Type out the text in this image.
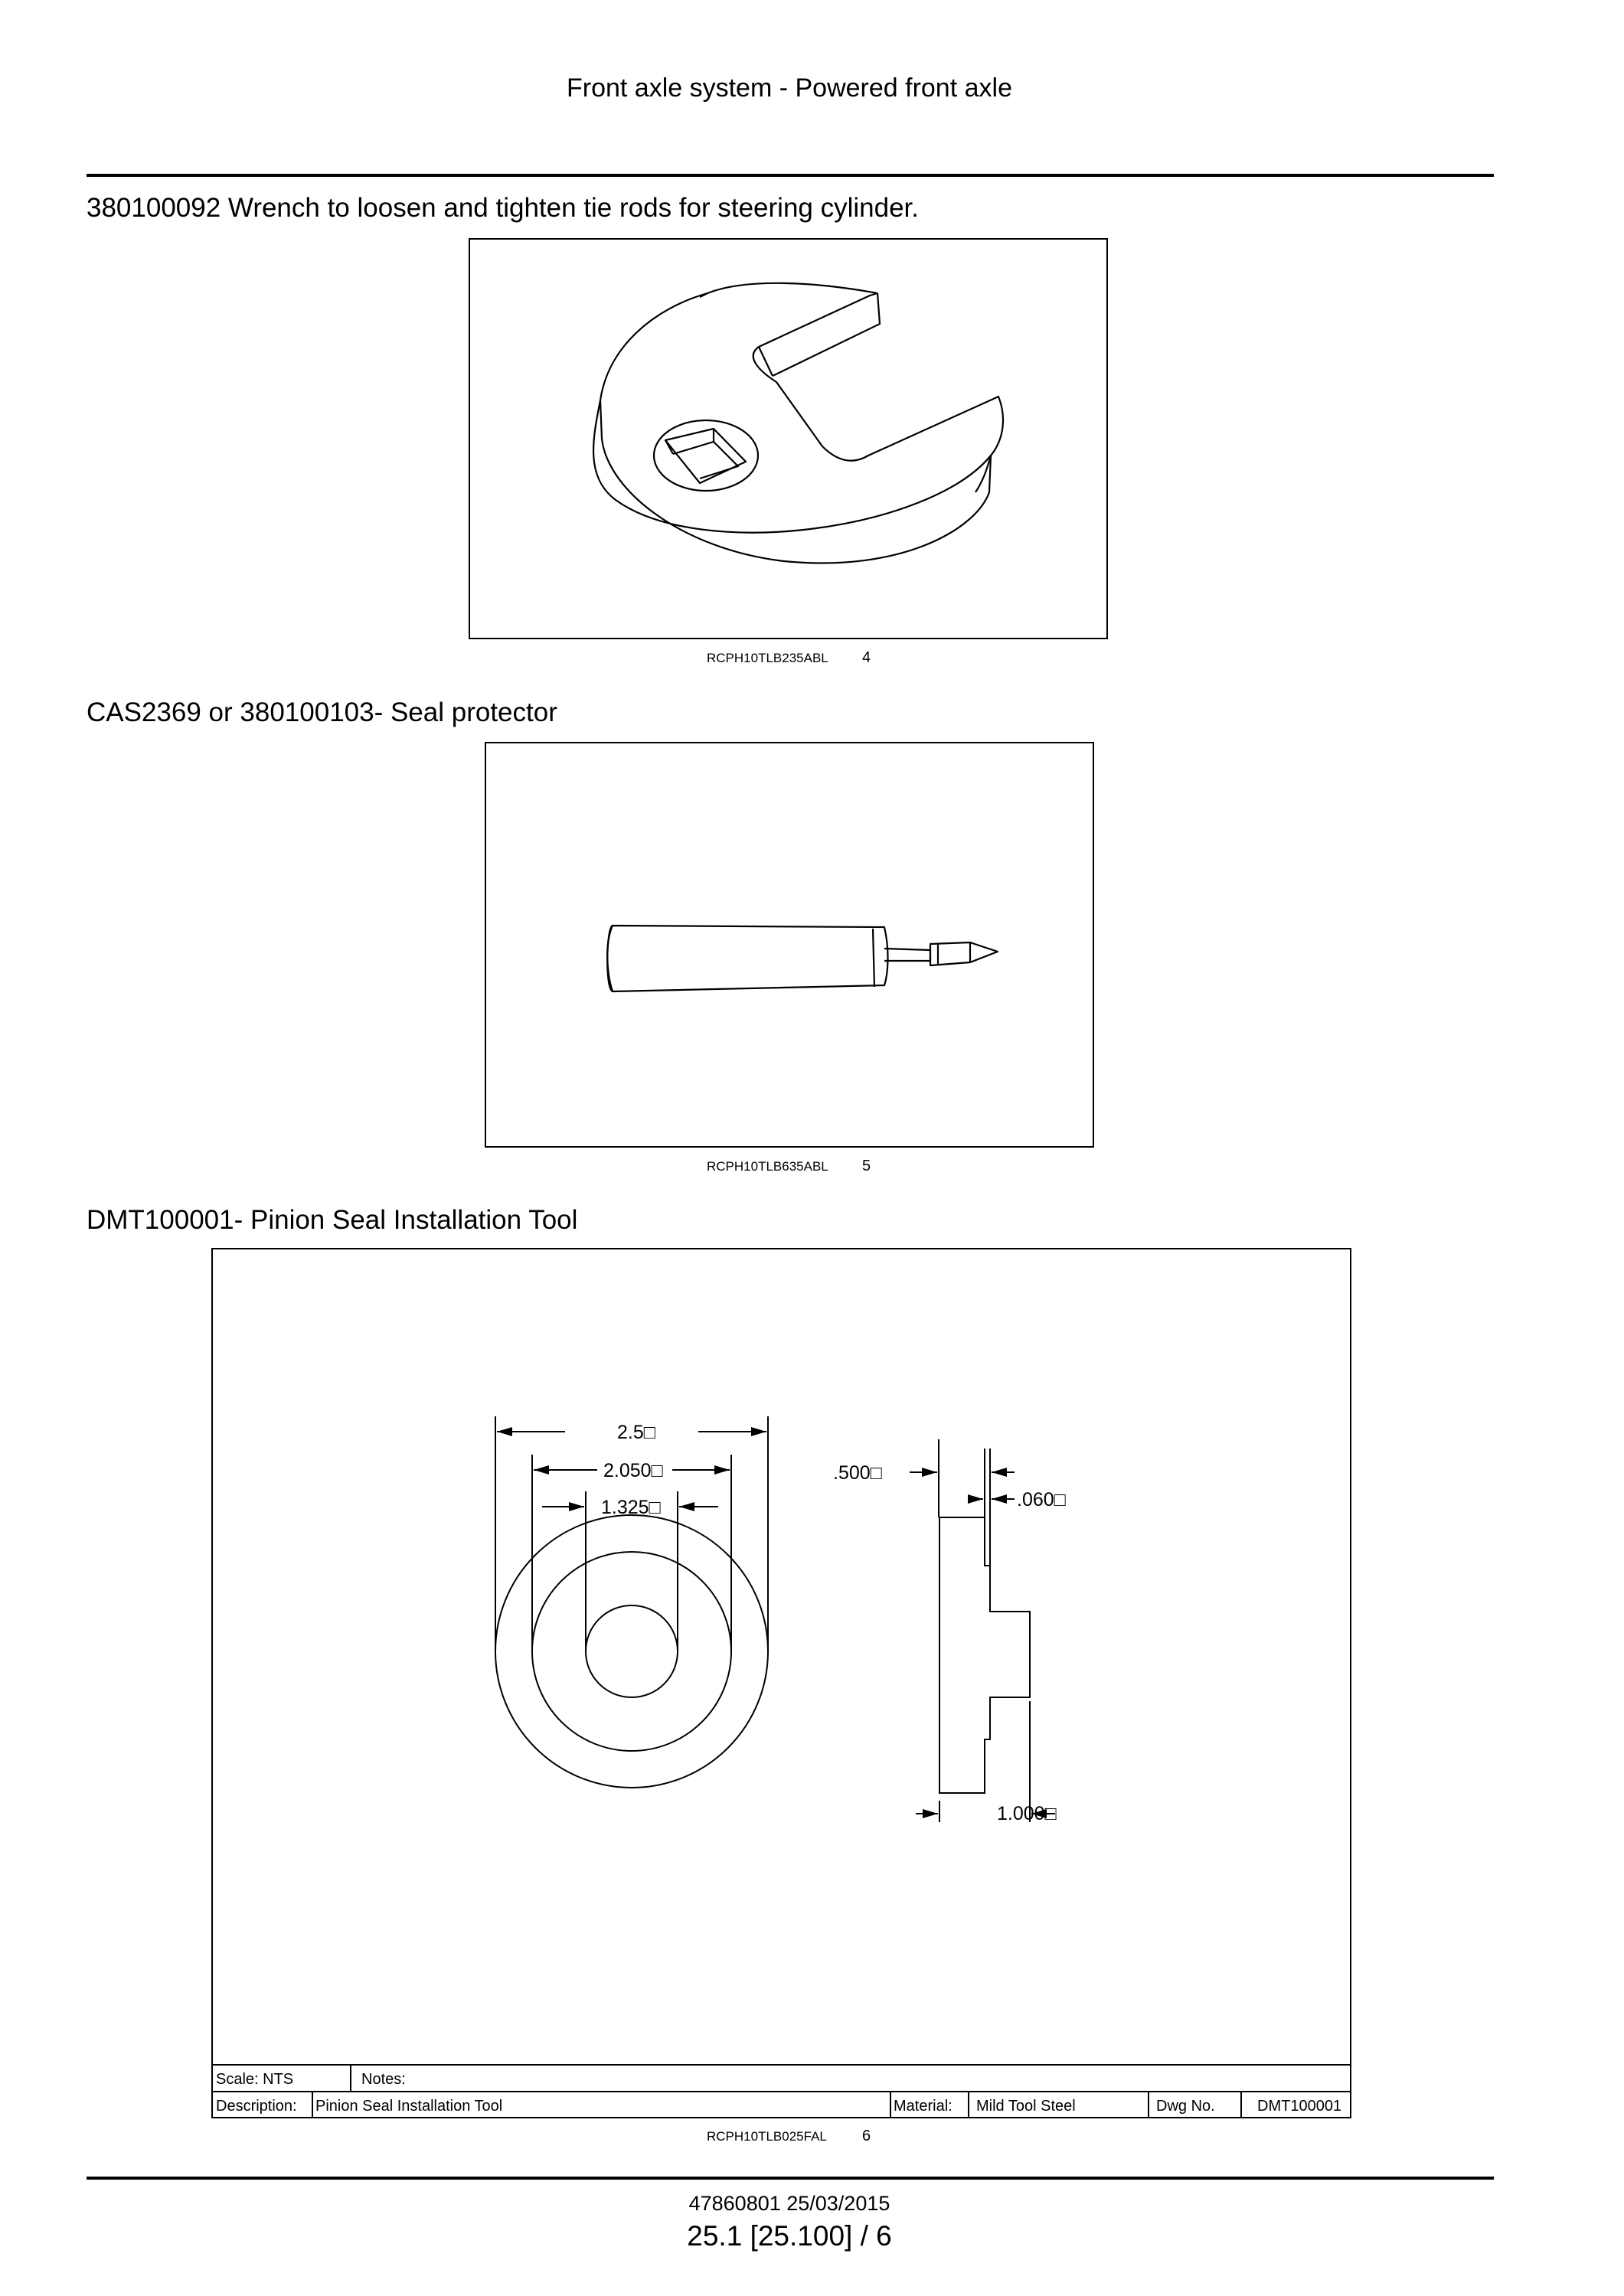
Front axle system - Powered front axle
380100092 Wrench to loosen and tighten tie rods for steering cylinder.
RCPH10TLB235ABL 4
CAS2369 or 380100103- Seal protector
RCPH10TLB635ABL 5
DMT100001- Pinion Seal Installation Tool
2.5□
2.050□
1.325□
.500□
.060□
1.000□
Scale: NTS	Notes:
Description: Pinion Seal Installation Tool	Material: Mild Tool Steel	Dwg No.	DMT100001
RCPH10TLB025FAL 6
47860801 25/03/2015
25.1 [25.100] / 6
